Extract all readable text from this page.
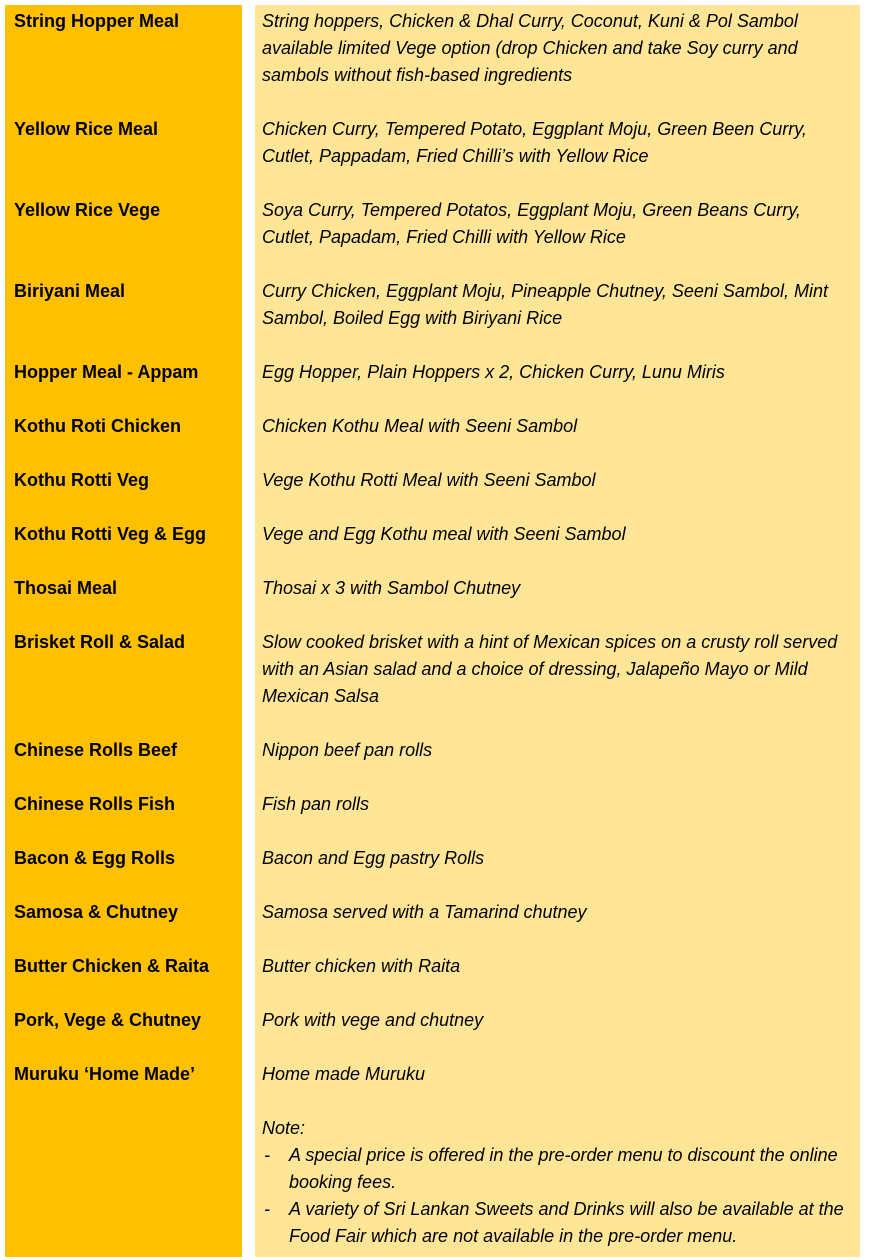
String Hopper Meal	String hoppers, Chicken & Dhal Curry, Coconut, Kuni & Pol Sambol available limited Vege option (drop Chicken and take Soy curry and sambols without fish-based ingredients
Yellow Rice Meal	Chicken Curry, Tempered Potato, Eggplant Moju, Green Been Curry, Cutlet, Pappadam, Fried Chilli’s with Yellow Rice
Yellow Rice Vege	Soya Curry, Tempered Potatos, Eggplant Moju, Green Beans Curry, Cutlet, Papadam, Fried Chilli with Yellow Rice
Biriyani Meal	Curry Chicken, Eggplant Moju, Pineapple Chutney, Seeni Sambol, Mint Sambol, Boiled Egg with Biriyani Rice
Hopper Meal - Appam	Egg Hopper, Plain Hoppers x 2, Chicken Curry, Lunu Miris
Kothu Roti Chicken	Chicken Kothu Meal with Seeni Sambol
Kothu Rotti Veg	Vege Kothu Rotti Meal with Seeni Sambol
Kothu Rotti Veg & Egg	Vege and Egg Kothu meal with Seeni Sambol
Thosai Meal	Thosai x 3 with Sambol Chutney
Brisket Roll & Salad	Slow cooked brisket with a hint of Mexican spices on a crusty roll served with an Asian salad and a choice of dressing, Jalapeño Mayo or Mild Mexican Salsa
Chinese Rolls Beef	Nippon beef pan rolls
Chinese Rolls Fish	Fish pan rolls
Bacon & Egg Rolls	Bacon and Egg pastry Rolls
Samosa & Chutney	Samosa served with a Tamarind chutney
Butter Chicken & Raita	Butter chicken with Raita
Pork, Vege & Chutney	Pork with vege and chutney
Muruku ‘Home Made’	Home made Muruku
Note:
-	A special price is offered in the pre-order menu to discount the online booking fees.
-	A variety of Sri Lankan Sweets and Drinks will also be available at the Food Fair which are not available in the pre-order menu.
